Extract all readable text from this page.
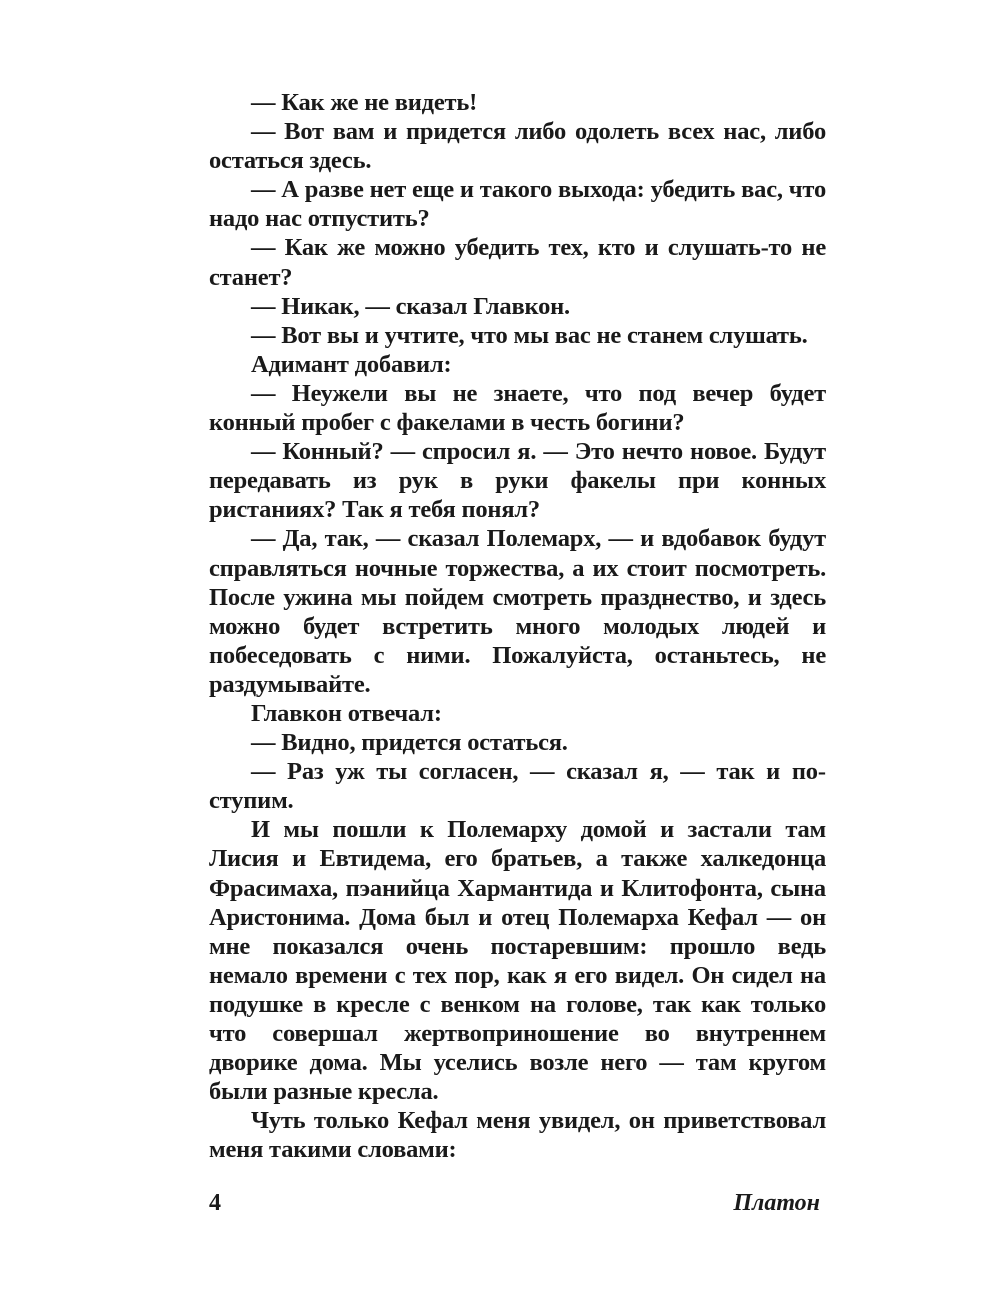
— Как же не видеть!

— Вот вам и придется либо одолеть всех нас, либо остаться здесь.

— А разве нет еще и такого выхода: убедить вас, что надо нас отпустить?

— Как же можно убедить тех, кто и слушать-то не станет?

— Никак, — сказал Главкон.

— Вот вы и учтите, что мы вас не станем слушать.

Адимант добавил:

— Неужели вы не знаете, что под вечер будет конный пробег с факелами в честь богини?

— Конный? — спросил я. — Это нечто новое. Будут передавать из рук в руки факелы при конных ристаниях? Так я тебя понял?

— Да, так, — сказал Полемарх, — и вдобавок будут справляться ночные торжества, а их стоит посмотреть. После ужина мы пойдем смотреть празднество, и здесь можно будет встретить много молодых людей и побеседовать с ними. Пожалуйста, останьтесь, не раздумывайте.

Главкон отвечал:

— Видно, придется остаться.

— Раз уж ты согласен, — сказал я, — так и поступим.

И мы пошли к Полемарху домой и застали там Лисия и Евтидема, его братьев, а также халкедонца Фрасимаха, пэанийца Хармантида и Клитофонта, сына Аристонима. Дома был и отец Полемарха Кефал — он мне показался очень постаревшим: прошло ведь немало времени с тех пор, как я его видел. Он сидел на подушке в кресле с венком на голове, так как только что совершал жертвоприношение во внутреннем дворике дома. Мы уселись возле него — там кругом были разные кресла.

Чуть только Кефал меня увидел, он приветствовал меня такими словами:

4	Платон
